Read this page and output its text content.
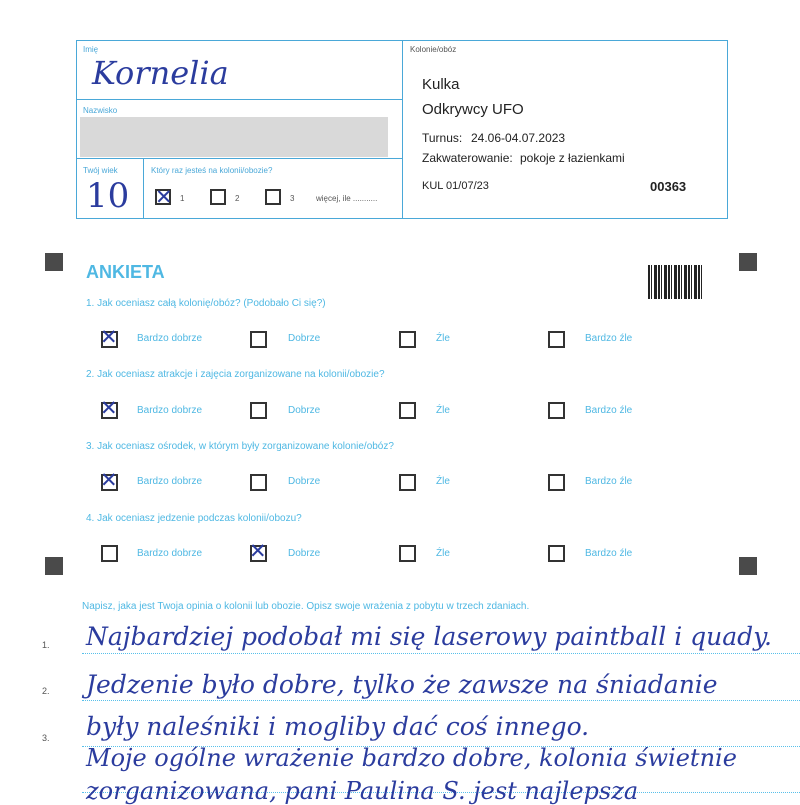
Imię
Kornelia
Nazwisko
Twój wiek
10
Który raz jesteś na kolonii/obozie?
✕ 1	2	3	więcej, ile ...........
Kolonie/obóz
Kulka
Odkrywcy UFO
Turnus: 24.06-04.07.2023
Zakwaterowanie: pokoje z łazienkami
KUL 01/07/23	00363
ANKIETA
1. Jak oceniasz całą kolonię/obóz? (Podobało Ci się?)
✕ Bardzo dobrze	Dobrze	Źle	Bardzo źle
2. Jak oceniasz atrakcje i zajęcia zorganizowane na kolonii/obozie?
✕ Bardzo dobrze	Dobrze	Źle	Bardzo źle
3. Jak oceniasz ośrodek, w którym były zorganizowane kolonie/obóz?
✕ Bardzo dobrze	Dobrze	Źle	Bardzo źle
4. Jak oceniasz jedzenie podczas kolonii/obozu?
Bardzo dobrze ✕ Dobrze	Źle	Bardzo źle
Napisz, jaka jest Twoja opinia o kolonii lub obozie. Opisz swoje wrażenia z pobytu w trzech zdaniach.
1.
2.
3.
Najbardziej podobał mi się laserowy paintball i quady.
Jedzenie było dobre, tylko że zawsze na śniadanie
były naleśniki i mogliby dać coś innego.
Moje ogólne wrażenie bardzo dobre, kolonia świetnie
zorganizowana, pani Paulina S. jest najlepsza
